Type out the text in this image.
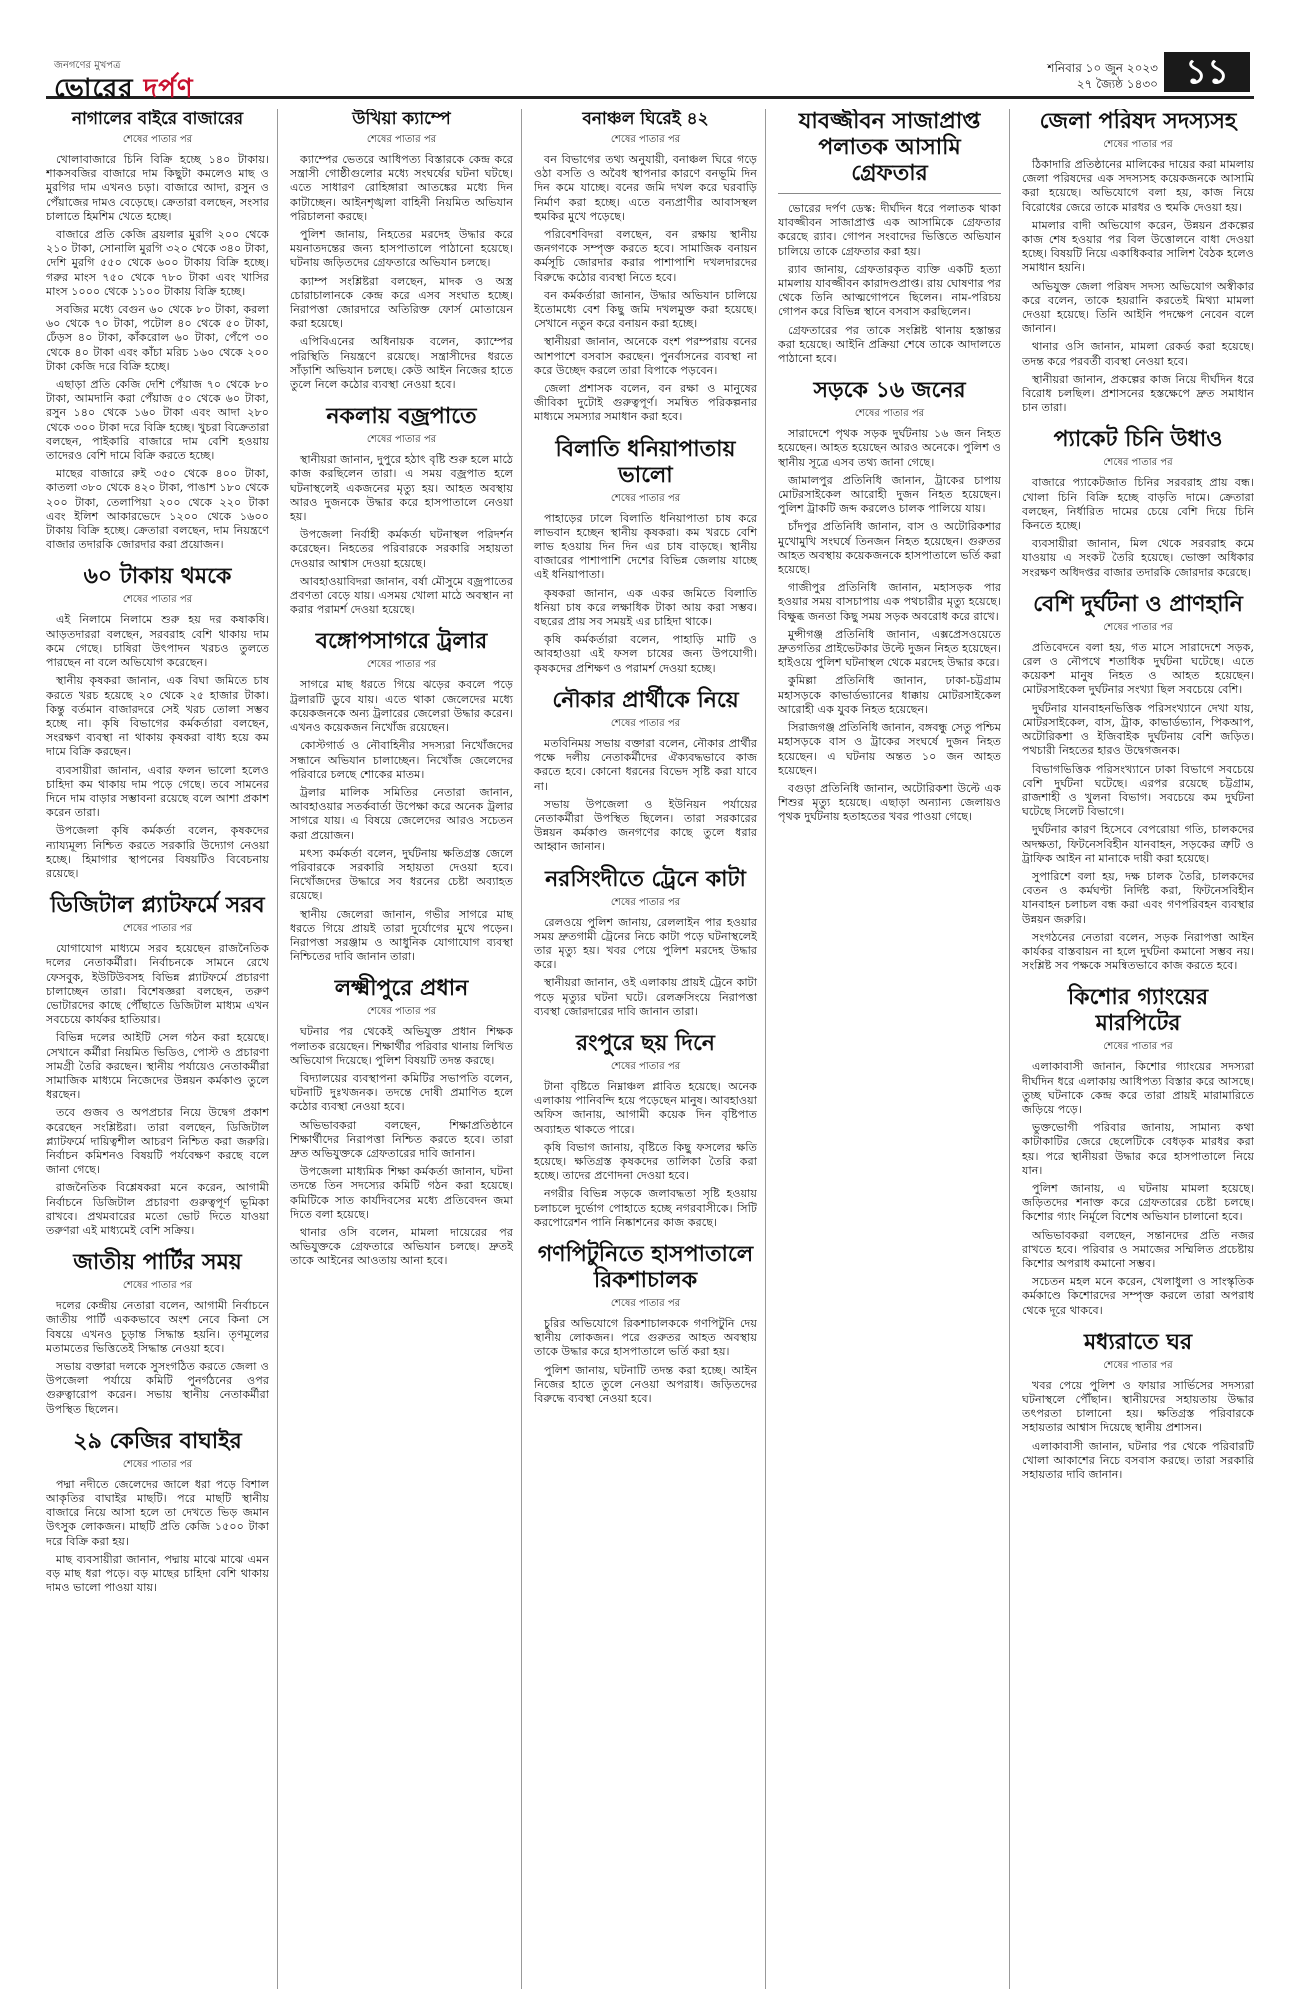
জনগণের মুখপত্র
ভোরের দর্পণ
শনিবার ১০ জুন ২০২৩
২৭ জ্যৈষ্ঠ ১৪৩০ ১১
নাগালের বাইরে বাজারের
শেষের পাতার পর

খোলাবাজারে চিনি বিক্রি হচ্ছে ১৪০ টাকায়। শাকসবজির বাজারে দাম কিছুটা কমলেও মাছ ও মুরগির দাম এখনও চড়া। বাজারে আদা, রসুন ও পেঁয়াজের দামও বেড়েছে। ক্রেতারা বলছেন, সংসার চালাতে হিমশিম খেতে হচ্ছে।

বাজারে প্রতি কেজি ব্রয়লার মুরগি ২০০ থেকে ২১০ টাকা, সোনালি মুরগি ৩২০ থেকে ৩৪০ টাকা, দেশি মুরগি ৫৫০ থেকে ৬০০ টাকায় বিক্রি হচ্ছে। গরুর মাংস ৭৫০ থেকে ৭৮০ টাকা এবং খাসির মাংস ১০০০ থেকে ১১০০ টাকায় বিক্রি হচ্ছে।

সবজির মধ্যে বেগুন ৬০ থেকে ৮০ টাকা, করলা ৬০ থেকে ৭০ টাকা, পটোল ৪০ থেকে ৫০ টাকা, ঢেঁড়স ৪০ টাকা, কাঁকরোল ৬০ টাকা, পেঁপে ৩০ থেকে ৪০ টাকা এবং কাঁচা মরিচ ১৬০ থেকে ২০০ টাকা কেজি দরে বিক্রি হচ্ছে।

এছাড়া প্রতি কেজি দেশি পেঁয়াজ ৭০ থেকে ৮০ টাকা, আমদানি করা পেঁয়াজ ৫০ থেকে ৬০ টাকা, রসুন ১৪০ থেকে ১৬০ টাকা এবং আদা ২৮০ থেকে ৩০০ টাকা দরে বিক্রি হচ্ছে। খুচরা বিক্রেতারা বলছেন, পাইকারি বাজারে দাম বেশি হওয়ায় তাদেরও বেশি দামে বিক্রি করতে হচ্ছে।

মাছের বাজারে রুই ৩৫০ থেকে ৪০০ টাকা, কাতলা ৩৮০ থেকে ৪২০ টাকা, পাঙাশ ১৮০ থেকে ২০০ টাকা, তেলাপিয়া ২০০ থেকে ২২০ টাকা এবং ইলিশ আকারভেদে ১২০০ থেকে ১৬০০ টাকায় বিক্রি হচ্ছে। ক্রেতারা বলছেন, দাম নিয়ন্ত্রণে বাজার তদারকি জোরদার করা প্রয়োজন।

৬০ টাকায় থমকে
শেষের পাতার পর

এই নিলামে নিলামে শুরু হয় দর কষাকষি। আড়তদাররা বলছেন, সরবরাহ বেশি থাকায় দাম কমে গেছে। চাষিরা উৎপাদন খরচও তুলতে পারছেন না বলে অভিযোগ করেছেন।

স্থানীয় কৃষকরা জানান, এক বিঘা জমিতে চাষ করতে খরচ হয়েছে ২০ থেকে ২৫ হাজার টাকা। কিন্তু বর্তমান বাজারদরে সেই খরচ তোলা সম্ভব হচ্ছে না। কৃষি বিভাগের কর্মকর্তারা বলছেন, সংরক্ষণ ব্যবস্থা না থাকায় কৃষকরা বাধ্য হয়ে কম দামে বিক্রি করছেন।

ব্যবসায়ীরা জানান, এবার ফলন ভালো হলেও চাহিদা কম থাকায় দাম পড়ে গেছে। তবে সামনের দিনে দাম বাড়ার সম্ভাবনা রয়েছে বলে আশা প্রকাশ করেন তারা।

উপজেলা কৃষি কর্মকর্তা বলেন, কৃষকদের ন্যায্যমূল্য নিশ্চিত করতে সরকারি উদ্যোগ নেওয়া হচ্ছে। হিমাগার স্থাপনের বিষয়টিও বিবেচনায় রয়েছে।

ডিজিটাল প্ল্যাটফর্মে সরব
শেষের পাতার পর

যোগাযোগ মাধ্যমে সরব হয়েছেন রাজনৈতিক দলের নেতাকর্মীরা। নির্বাচনকে সামনে রেখে ফেসবুক, ইউটিউবসহ বিভিন্ন প্ল্যাটফর্মে প্রচারণা চালাচ্ছেন তারা। বিশেষজ্ঞরা বলছেন, তরুণ ভোটারদের কাছে পৌঁছাতে ডিজিটাল মাধ্যম এখন সবচেয়ে কার্যকর হাতিয়ার।

বিভিন্ন দলের আইটি সেল গঠন করা হয়েছে। সেখানে কর্মীরা নিয়মিত ভিডিও, পোস্ট ও প্রচারণা সামগ্রী তৈরি করছেন। স্থানীয় পর্যায়েও নেতাকর্মীরা সামাজিক মাধ্যমে নিজেদের উন্নয়ন কর্মকাণ্ড তুলে ধরছেন।

তবে গুজব ও অপপ্রচার নিয়ে উদ্বেগ প্রকাশ করেছেন সংশ্লিষ্টরা। তারা বলছেন, ডিজিটাল প্ল্যাটফর্মে দায়িত্বশীল আচরণ নিশ্চিত করা জরুরি। নির্বাচন কমিশনও বিষয়টি পর্যবেক্ষণ করছে বলে জানা গেছে।

রাজনৈতিক বিশ্লেষকরা মনে করেন, আগামী নির্বাচনে ডিজিটাল প্রচারণা গুরুত্বপূর্ণ ভূমিকা রাখবে। প্রথমবারের মতো ভোট দিতে যাওয়া তরুণরা এই মাধ্যমেই বেশি সক্রিয়।

জাতীয় পার্টির সময়
শেষের পাতার পর

দলের কেন্দ্রীয় নেতারা বলেন, আগামী নির্বাচনে জাতীয় পার্টি এককভাবে অংশ নেবে কিনা সে বিষয়ে এখনও চূড়ান্ত সিদ্ধান্ত হয়নি। তৃণমূলের মতামতের ভিত্তিতেই সিদ্ধান্ত নেওয়া হবে।

সভায় বক্তারা দলকে সুসংগঠিত করতে জেলা ও উপজেলা পর্যায়ে কমিটি পুনর্গঠনের ওপর গুরুত্বারোপ করেন। সভায় স্থানীয় নেতাকর্মীরা উপস্থিত ছিলেন।

২৯ কেজির বাঘাইর
শেষের পাতার পর

পদ্মা নদীতে জেলেদের জালে ধরা পড়ে বিশাল আকৃতির বাঘাইর মাছটি। পরে মাছটি স্থানীয় বাজারে নিয়ে আসা হলে তা দেখতে ভিড় জমান উৎসুক লোকজন। মাছটি প্রতি কেজি ১৫০০ টাকা দরে বিক্রি করা হয়।

মাছ ব্যবসায়ীরা জানান, পদ্মায় মাঝে মাঝে এমন বড় মাছ ধরা পড়ে। বড় মাছের চাহিদা বেশি থাকায় দামও ভালো পাওয়া যায়।

উখিয়া ক্যাম্পে
শেষের পাতার পর

ক্যাম্পের ভেতরে আধিপত্য বিস্তারকে কেন্দ্র করে সন্ত্রাসী গোষ্ঠীগুলোর মধ্যে সংঘর্ষের ঘটনা ঘটছে। এতে সাধারণ রোহিঙ্গারা আতঙ্কের মধ্যে দিন কাটাচ্ছেন। আইনশৃঙ্খলা বাহিনী নিয়মিত অভিযান পরিচালনা করছে।

পুলিশ জানায়, নিহতের মরদেহ উদ্ধার করে ময়নাতদন্তের জন্য হাসপাতালে পাঠানো হয়েছে। ঘটনায় জড়িতদের গ্রেফতারে অভিযান চলছে।

ক্যাম্প সংশ্লিষ্টরা বলছেন, মাদক ও অস্ত্র চোরাচালানকে কেন্দ্র করে এসব সংঘাত হচ্ছে। নিরাপত্তা জোরদারে অতিরিক্ত ফোর্স মোতায়েন করা হয়েছে।

এপিবিএনের অধিনায়ক বলেন, ক্যাম্পের পরিস্থিতি নিয়ন্ত্রণে রয়েছে। সন্ত্রাসীদের ধরতে সাঁড়াশি অভিযান চলছে। কেউ আইন নিজের হাতে তুলে নিলে কঠোর ব্যবস্থা নেওয়া হবে।

নকলায় বজ্রপাতে
শেষের পাতার পর

স্থানীয়রা জানান, দুপুরে হঠাৎ বৃষ্টি শুরু হলে মাঠে কাজ করছিলেন তারা। এ সময় বজ্রপাত হলে ঘটনাস্থলেই একজনের মৃত্যু হয়। আহত অবস্থায় আরও দুজনকে উদ্ধার করে হাসপাতালে নেওয়া হয়।

উপজেলা নির্বাহী কর্মকর্তা ঘটনাস্থল পরিদর্শন করেছেন। নিহতের পরিবারকে সরকারি সহায়তা দেওয়ার আশ্বাস দেওয়া হয়েছে।

আবহাওয়াবিদরা জানান, বর্ষা মৌসুমে বজ্রপাতের প্রবণতা বেড়ে যায়। এসময় খোলা মাঠে অবস্থান না করার পরামর্শ দেওয়া হয়েছে।

বঙ্গোপসাগরে ট্রলার
শেষের পাতার পর

সাগরে মাছ ধরতে গিয়ে ঝড়ের কবলে পড়ে ট্রলারটি ডুবে যায়। এতে থাকা জেলেদের মধ্যে কয়েকজনকে অন্য ট্রলারের জেলেরা উদ্ধার করেন। এখনও কয়েকজন নিখোঁজ রয়েছেন।

কোস্টগার্ড ও নৌবাহিনীর সদস্যরা নিখোঁজদের সন্ধানে অভিযান চালাচ্ছেন। নিখোঁজ জেলেদের পরিবারে চলছে শোকের মাতম।

ট্রলার মালিক সমিতির নেতারা জানান, আবহাওয়ার সতর্কবার্তা উপেক্ষা করে অনেক ট্রলার সাগরে যায়। এ বিষয়ে জেলেদের আরও সচেতন করা প্রয়োজন।

মৎস্য কর্মকর্তা বলেন, দুর্ঘটনায় ক্ষতিগ্রস্ত জেলে পরিবারকে সরকারি সহায়তা দেওয়া হবে। নিখোঁজদের উদ্ধারে সব ধরনের চেষ্টা অব্যাহত রয়েছে।

স্থানীয় জেলেরা জানান, গভীর সাগরে মাছ ধরতে গিয়ে প্রায়ই তারা দুর্যোগের মুখে পড়েন। নিরাপত্তা সরঞ্জাম ও আধুনিক যোগাযোগ ব্যবস্থা নিশ্চিতের দাবি জানান তারা।

লক্ষ্মীপুরে প্রধান
শেষের পাতার পর

ঘটনার পর থেকেই অভিযুক্ত প্রধান শিক্ষক পলাতক রয়েছেন। শিক্ষার্থীর পরিবার থানায় লিখিত অভিযোগ দিয়েছে। পুলিশ বিষয়টি তদন্ত করছে।

বিদ্যালয়ের ব্যবস্থাপনা কমিটির সভাপতি বলেন, ঘটনাটি দুঃখজনক। তদন্তে দোষী প্রমাণিত হলে কঠোর ব্যবস্থা নেওয়া হবে।

অভিভাবকরা বলছেন, শিক্ষাপ্রতিষ্ঠানে শিক্ষার্থীদের নিরাপত্তা নিশ্চিত করতে হবে। তারা দ্রুত অভিযুক্তকে গ্রেফতারের দাবি জানান।

উপজেলা মাধ্যমিক শিক্ষা কর্মকর্তা জানান, ঘটনা তদন্তে তিন সদস্যের কমিটি গঠন করা হয়েছে। কমিটিকে সাত কার্যদিবসের মধ্যে প্রতিবেদন জমা দিতে বলা হয়েছে।

থানার ওসি বলেন, মামলা দায়েরের পর অভিযুক্তকে গ্রেফতারে অভিযান চলছে। দ্রুতই তাকে আইনের আওতায় আনা হবে।

বনাঞ্চল ঘিরেই ৪২
শেষের পাতার পর

বন বিভাগের তথ্য অনুযায়ী, বনাঞ্চল ঘিরে গড়ে ওঠা বসতি ও অবৈধ স্থাপনার কারণে বনভূমি দিন দিন কমে যাচ্ছে। বনের জমি দখল করে ঘরবাড়ি নির্মাণ করা হচ্ছে। এতে বন্যপ্রাণীর আবাসস্থল হুমকির মুখে পড়েছে।

পরিবেশবিদরা বলছেন, বন রক্ষায় স্থানীয় জনগণকে সম্পৃক্ত করতে হবে। সামাজিক বনায়ন কর্মসূচি জোরদার করার পাশাপাশি দখলদারদের বিরুদ্ধে কঠোর ব্যবস্থা নিতে হবে।

বন কর্মকর্তারা জানান, উদ্ধার অভিযান চালিয়ে ইতোমধ্যে বেশ কিছু জমি দখলমুক্ত করা হয়েছে। সেখানে নতুন করে বনায়ন করা হচ্ছে।

স্থানীয়রা জানান, অনেকে বংশ পরম্পরায় বনের আশপাশে বসবাস করছেন। পুনর্বাসনের ব্যবস্থা না করে উচ্ছেদ করলে তারা বিপাকে পড়বেন।

জেলা প্রশাসক বলেন, বন রক্ষা ও মানুষের জীবিকা দুটোই গুরুত্বপূর্ণ। সমন্বিত পরিকল্পনার মাধ্যমে সমস্যার সমাধান করা হবে।

বিলাতি ধনিয়াপাতায় ভালো
শেষের পাতার পর

পাহাড়ের ঢালে বিলাতি ধনিয়াপাতা চাষ করে লাভবান হচ্ছেন স্থানীয় কৃষকরা। কম খরচে বেশি লাভ হওয়ায় দিন দিন এর চাষ বাড়ছে। স্থানীয় বাজারের পাশাপাশি দেশের বিভিন্ন জেলায় যাচ্ছে এই ধনিয়াপাতা।

কৃষকরা জানান, এক একর জমিতে বিলাতি ধনিয়া চাষ করে লক্ষাধিক টাকা আয় করা সম্ভব। বছরের প্রায় সব সময়ই এর চাহিদা থাকে।

কৃষি কর্মকর্তারা বলেন, পাহাড়ি মাটি ও আবহাওয়া এই ফসল চাষের জন্য উপযোগী। কৃষকদের প্রশিক্ষণ ও পরামর্শ দেওয়া হচ্ছে।

নৌকার প্রার্থীকে নিয়ে
শেষের পাতার পর

মতবিনিময় সভায় বক্তারা বলেন, নৌকার প্রার্থীর পক্ষে দলীয় নেতাকর্মীদের ঐক্যবদ্ধভাবে কাজ করতে হবে। কোনো ধরনের বিভেদ সৃষ্টি করা যাবে না।

সভায় উপজেলা ও ইউনিয়ন পর্যায়ের নেতাকর্মীরা উপস্থিত ছিলেন। তারা সরকারের উন্নয়ন কর্মকাণ্ড জনগণের কাছে তুলে ধরার আহ্বান জানান।

নরসিংদীতে ট্রেনে কাটা
শেষের পাতার পর

রেলওয়ে পুলিশ জানায়, রেললাইন পার হওয়ার সময় দ্রুতগামী ট্রেনের নিচে কাটা পড়ে ঘটনাস্থলেই তার মৃত্যু হয়। খবর পেয়ে পুলিশ মরদেহ উদ্ধার করে।

স্থানীয়রা জানান, ওই এলাকায় প্রায়ই ট্রেনে কাটা পড়ে মৃত্যুর ঘটনা ঘটে। রেলক্রসিংয়ে নিরাপত্তা ব্যবস্থা জোরদারের দাবি জানান তারা।

রংপুরে ছয় দিনে
শেষের পাতার পর

টানা বৃষ্টিতে নিম্নাঞ্চল প্লাবিত হয়েছে। অনেক এলাকায় পানিবন্দি হয়ে পড়েছেন মানুষ। আবহাওয়া অফিস জানায়, আগামী কয়েক দিন বৃষ্টিপাত অব্যাহত থাকতে পারে।

কৃষি বিভাগ জানায়, বৃষ্টিতে কিছু ফসলের ক্ষতি হয়েছে। ক্ষতিগ্রস্ত কৃষকদের তালিকা তৈরি করা হচ্ছে। তাদের প্রণোদনা দেওয়া হবে।

নগরীর বিভিন্ন সড়কে জলাবদ্ধতা সৃষ্টি হওয়ায় চলাচলে দুর্ভোগ পোহাতে হচ্ছে নগরবাসীকে। সিটি করপোরেশন পানি নিষ্কাশনের কাজ করছে।

গণপিটুনিতে হাসপাতালে রিকশাচালক
শেষের পাতার পর

চুরির অভিযোগে রিকশাচালককে গণপিটুনি দেয় স্থানীয় লোকজন। পরে গুরুতর আহত অবস্থায় তাকে উদ্ধার করে হাসপাতালে ভর্তি করা হয়।

পুলিশ জানায়, ঘটনাটি তদন্ত করা হচ্ছে। আইন নিজের হাতে তুলে নেওয়া অপরাধ। জড়িতদের বিরুদ্ধে ব্যবস্থা নেওয়া হবে।

যাবজ্জীবন সাজাপ্রাপ্ত পলাতক আসামি গ্রেফতার

ভোরের দর্পণ ডেস্ক: দীর্ঘদিন ধরে পলাতক থাকা যাবজ্জীবন সাজাপ্রাপ্ত এক আসামিকে গ্রেফতার করেছে র‌্যাব। গোপন সংবাদের ভিত্তিতে অভিযান চালিয়ে তাকে গ্রেফতার করা হয়।

র‌্যাব জানায়, গ্রেফতারকৃত ব্যক্তি একটি হত্যা মামলায় যাবজ্জীবন কারাদণ্ডপ্রাপ্ত। রায় ঘোষণার পর থেকে তিনি আত্মগোপনে ছিলেন। নাম-পরিচয় গোপন করে বিভিন্ন স্থানে বসবাস করছিলেন।

গ্রেফতারের পর তাকে সংশ্লিষ্ট থানায় হস্তান্তর করা হয়েছে। আইনি প্রক্রিয়া শেষে তাকে আদালতে পাঠানো হবে।

সড়কে ১৬ জনের
শেষের পাতার পর

সারাদেশে পৃথক সড়ক দুর্ঘটনায় ১৬ জন নিহত হয়েছেন। আহত হয়েছেন আরও অনেকে। পুলিশ ও স্থানীয় সূত্রে এসব তথ্য জানা গেছে।

জামালপুর প্রতিনিধি জানান, ট্রাকের চাপায় মোটরসাইকেল আরোহী দুজন নিহত হয়েছেন। পুলিশ ট্রাকটি জব্দ করলেও চালক পালিয়ে যায়।

চাঁদপুর প্রতিনিধি জানান, বাস ও অটোরিকশার মুখোমুখি সংঘর্ষে তিনজন নিহত হয়েছেন। গুরুতর আহত অবস্থায় কয়েকজনকে হাসপাতালে ভর্তি করা হয়েছে।

গাজীপুর প্রতিনিধি জানান, মহাসড়ক পার হওয়ার সময় বাসচাপায় এক পথচারীর মৃত্যু হয়েছে। বিক্ষুব্ধ জনতা কিছু সময় সড়ক অবরোধ করে রাখে।

মুন্সীগঞ্জ প্রতিনিধি জানান, এক্সপ্রেসওয়েতে দ্রুতগতির প্রাইভেটকার উল্টে দুজন নিহত হয়েছেন। হাইওয়ে পুলিশ ঘটনাস্থল থেকে মরদেহ উদ্ধার করে।

কুমিল্লা প্রতিনিধি জানান, ঢাকা-চট্টগ্রাম মহাসড়কে কাভার্ডভ্যানের ধাক্কায় মোটরসাইকেল আরোহী এক যুবক নিহত হয়েছেন।

সিরাজগঞ্জ প্রতিনিধি জানান, বঙ্গবন্ধু সেতু পশ্চিম মহাসড়কে বাস ও ট্রাকের সংঘর্ষে দুজন নিহত হয়েছেন। এ ঘটনায় অন্তত ১০ জন আহত হয়েছেন।

বগুড়া প্রতিনিধি জানান, অটোরিকশা উল্টে এক শিশুর মৃত্যু হয়েছে। এছাড়া অন্যান্য জেলায়ও পৃথক দুর্ঘটনায় হতাহতের খবর পাওয়া গেছে।

জেলা পরিষদ সদস্যসহ
শেষের পাতার পর

ঠিকাদারি প্রতিষ্ঠানের মালিকের দায়ের করা মামলায় জেলা পরিষদের এক সদস্যসহ কয়েকজনকে আসামি করা হয়েছে। অভিযোগে বলা হয়, কাজ নিয়ে বিরোধের জেরে তাকে মারধর ও হুমকি দেওয়া হয়।

মামলার বাদী অভিযোগ করেন, উন্নয়ন প্রকল্পের কাজ শেষ হওয়ার পর বিল উত্তোলনে বাধা দেওয়া হচ্ছে। বিষয়টি নিয়ে একাধিকবার সালিশ বৈঠক হলেও সমাধান হয়নি।

অভিযুক্ত জেলা পরিষদ সদস্য অভিযোগ অস্বীকার করে বলেন, তাকে হয়রানি করতেই মিথ্যা মামলা দেওয়া হয়েছে। তিনি আইনি পদক্ষেপ নেবেন বলে জানান।

থানার ওসি জানান, মামলা রেকর্ড করা হয়েছে। তদন্ত করে পরবর্তী ব্যবস্থা নেওয়া হবে।

স্থানীয়রা জানান, প্রকল্পের কাজ নিয়ে দীর্ঘদিন ধরে বিরোধ চলছিল। প্রশাসনের হস্তক্ষেপে দ্রুত সমাধান চান তারা।

প্যাকেট চিনি উধাও
শেষের পাতার পর

বাজারে প্যাকেটজাত চিনির সরবরাহ প্রায় বন্ধ। খোলা চিনি বিক্রি হচ্ছে বাড়তি দামে। ক্রেতারা বলছেন, নির্ধারিত দামের চেয়ে বেশি দিয়ে চিনি কিনতে হচ্ছে।

ব্যবসায়ীরা জানান, মিল থেকে সরবরাহ কমে যাওয়ায় এ সংকট তৈরি হয়েছে। ভোক্তা অধিকার সংরক্ষণ অধিদপ্তর বাজার তদারকি জোরদার করেছে।

বেশি দুর্ঘটনা ও প্রাণহানি
শেষের পাতার পর

প্রতিবেদনে বলা হয়, গত মাসে সারাদেশে সড়ক, রেল ও নৌপথে শতাধিক দুর্ঘটনা ঘটেছে। এতে কয়েকশ মানুষ নিহত ও আহত হয়েছেন। মোটরসাইকেল দুর্ঘটনার সংখ্যা ছিল সবচেয়ে বেশি।

দুর্ঘটনার যানবাহনভিত্তিক পরিসংখ্যানে দেখা যায়, মোটরসাইকেল, বাস, ট্রাক, কাভার্ডভ্যান, পিকআপ, অটোরিকশা ও ইজিবাইক দুর্ঘটনায় বেশি জড়িত। পথচারী নিহতের হারও উদ্বেগজনক।

বিভাগভিত্তিক পরিসংখ্যানে ঢাকা বিভাগে সবচেয়ে বেশি দুর্ঘটনা ঘটেছে। এরপর রয়েছে চট্টগ্রাম, রাজশাহী ও খুলনা বিভাগ। সবচেয়ে কম দুর্ঘটনা ঘটেছে সিলেট বিভাগে।

দুর্ঘটনার কারণ হিসেবে বেপরোয়া গতি, চালকদের অদক্ষতা, ফিটনেসবিহীন যানবাহন, সড়কের ত্রুটি ও ট্রাফিক আইন না মানাকে দায়ী করা হয়েছে।

সুপারিশে বলা হয়, দক্ষ চালক তৈরি, চালকদের বেতন ও কর্মঘণ্টা নির্দিষ্ট করা, ফিটনেসবিহীন যানবাহন চলাচল বন্ধ করা এবং গণপরিবহন ব্যবস্থার উন্নয়ন জরুরি।

সংগঠনের নেতারা বলেন, সড়ক নিরাপত্তা আইন কার্যকর বাস্তবায়ন না হলে দুর্ঘটনা কমানো সম্ভব নয়। সংশ্লিষ্ট সব পক্ষকে সমন্বিতভাবে কাজ করতে হবে।

কিশোর গ্যাংয়ের মারপিটের
শেষের পাতার পর

এলাকাবাসী জানান, কিশোর গ্যাংয়ের সদস্যরা দীর্ঘদিন ধরে এলাকায় আধিপত্য বিস্তার করে আসছে। তুচ্ছ ঘটনাকে কেন্দ্র করে তারা প্রায়ই মারামারিতে জড়িয়ে পড়ে।

ভুক্তভোগী পরিবার জানায়, সামান্য কথা কাটাকাটির জেরে ছেলেটিকে বেধড়ক মারধর করা হয়। পরে স্থানীয়রা উদ্ধার করে হাসপাতালে নিয়ে যান।

পুলিশ জানায়, এ ঘটনায় মামলা হয়েছে। জড়িতদের শনাক্ত করে গ্রেফতারের চেষ্টা চলছে। কিশোর গ্যাং নির্মূলে বিশেষ অভিযান চালানো হবে।

অভিভাবকরা বলছেন, সন্তানদের প্রতি নজর রাখতে হবে। পরিবার ও সমাজের সম্মিলিত প্রচেষ্টায় কিশোর অপরাধ কমানো সম্ভব।

সচেতন মহল মনে করেন, খেলাধুলা ও সাংস্কৃতিক কর্মকাণ্ডে কিশোরদের সম্পৃক্ত করলে তারা অপরাধ থেকে দূরে থাকবে।

মধ্যরাতে ঘর
শেষের পাতার পর

খবর পেয়ে পুলিশ ও ফায়ার সার্ভিসের সদস্যরা ঘটনাস্থলে পৌঁছান। স্থানীয়দের সহায়তায় উদ্ধার তৎপরতা চালানো হয়। ক্ষতিগ্রস্ত পরিবারকে সহায়তার আশ্বাস দিয়েছে স্থানীয় প্রশাসন।

এলাকাবাসী জানান, ঘটনার পর থেকে পরিবারটি খোলা আকাশের নিচে বসবাস করছে। তারা সরকারি সহায়তার দাবি জানান।
